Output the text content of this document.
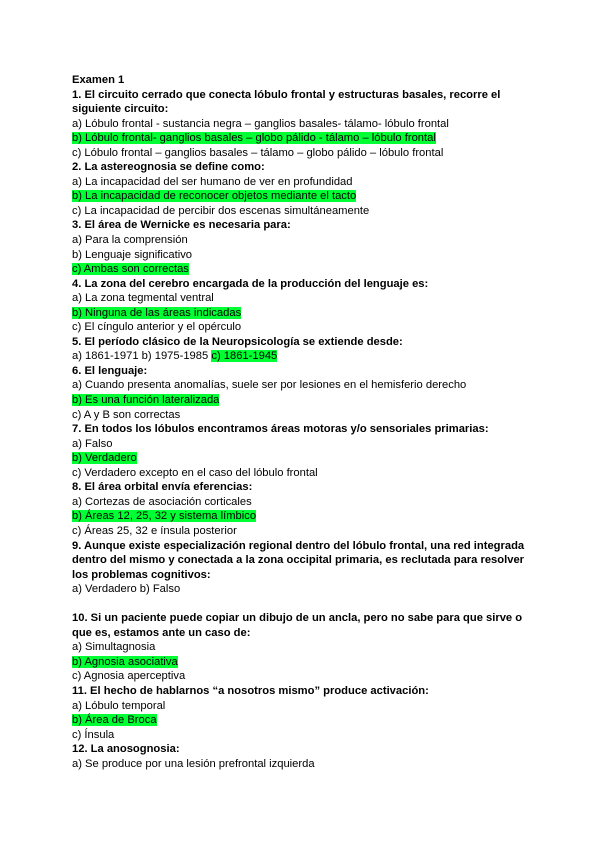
Examen 1
1. El circuito cerrado que conecta lóbulo frontal y estructuras basales, recorre el siguiente circuito:
a) Lóbulo frontal - sustancia negra – ganglios basales- tálamo- lóbulo frontal
b) Lóbulo frontal- ganglios basales – globo pálido - tálamo – lóbulo frontal
c) Lóbulo frontal – ganglios basales – tálamo – globo pálido – lóbulo frontal
2. La astereognosia se define como:
a) La incapacidad del ser humano de ver en profundidad
b) La incapacidad de reconocer objetos mediante el tacto
c) La incapacidad de percibir dos escenas simultáneamente
3. El área de Wernicke es necesaria para:
a) Para la comprensión
b) Lenguaje significativo
c) Ambas son correctas
4. La zona del cerebro encargada de la producción del lenguaje es:
a) La zona tegmental ventral
b) Ninguna de las áreas indicadas
c) El cíngulo anterior y el opérculo
5. El período clásico de la Neuropsicología se extiende desde:
a) 1861-1971 b) 1975-1985 c) 1861-1945
6. El lenguaje:
a) Cuando presenta anomalías, suele ser por lesiones en el hemisferio derecho
b) Es una función lateralizada
c) A y B son correctas
7. En todos los lóbulos encontramos áreas motoras y/o sensoriales primarias:
a) Falso
b) Verdadero
c) Verdadero excepto en el caso del lóbulo frontal
8. El área orbital envía eferencias:
a) Cortezas de asociación corticales
b) Áreas 12, 25, 32 y sistema límbico
c) Áreas 25, 32 e ínsula posterior
9. Aunque existe especialización regional dentro del lóbulo frontal, una red integrada dentro del mismo y conectada a la zona occipital primaria, es reclutada para resolver los problemas cognitivos:
a) Verdadero b) Falso
10. Si un paciente puede copiar un dibujo de un ancla, pero no sabe para que sirve o que es, estamos ante un caso de:
a) Simultagnosia
b) Agnosia asociativa
c) Agnosia aperceptiva
11. El hecho de hablarnos “a nosotros mismo” produce activación:
a) Lóbulo temporal
b) Área de Broca
c) Ínsula
12. La anosognosia:
a) Se produce por una lesión prefrontal izquierda
